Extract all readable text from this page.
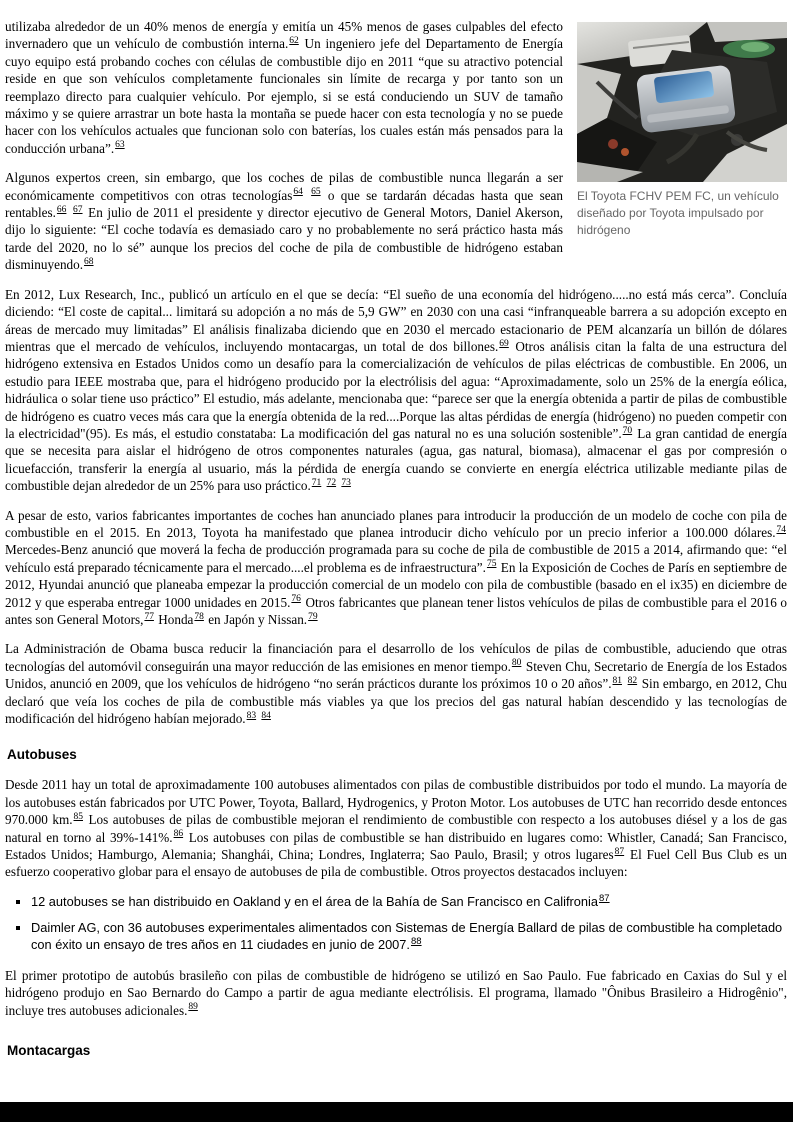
El Toyota FCHV PEM FC, un vehículo diseñado por Toyota impulsado por hidrógeno

utilizaba alrededor de un 40% menos de energía y emitía un 45% menos de gases culpables del efecto invernadero que un vehículo de combustión interna.$^{62}$ Un ingeniero jefe del Departamento de Energía cuyo equipo está probando coches con células de combustible dijo en 2011 “que su atractivo potencial reside en que son vehículos completamente funcionales sin límite de recarga y por tanto son un reemplazo directo para cualquier vehículo. Por ejemplo, si se está conduciendo un SUV de tamaño máximo y se quiere arrastrar un bote hasta la montaña se puede hacer con esta tecnología y no se puede hacer con los vehículos actuales que funcionan solo con baterías, los cuales están más pensados para la conducción urbana”.$^{63}$

Algunos expertos creen, sin embargo, que los coches de pilas de combustible nunca llegarán a ser económicamente competitivos con otras tecnologías$^{64}$ $^{65}$ o que se tardarán décadas hasta que sean rentables.$^{66}$ $^{67}$ En julio de 2011 el presidente y director ejecutivo de General Motors, Daniel Akerson, dijo lo siguiente: “El coche todavía es demasiado caro y no probablemente no será práctico hasta más tarde del 2020, no lo sé” aunque los precios del coche de pila de combustible de hidrógeno estaban disminuyendo.$^{68}$

En 2012, Lux Research, Inc., publicó un artículo en el que se decía: “El sueño de una economía del hidrógeno.....no está más cerca”. Concluía diciendo: “El coste de capital... limitará su adopción a no más de 5,9 GW” en 2030 con una casi “infranqueable barrera a su adopción excepto en áreas de mercado muy limitadas” El análisis finalizaba diciendo que en 2030 el mercado estacionario de PEM alcanzaría un billón de dólares mientras que el mercado de vehículos, incluyendo montacargas, un total de dos billones.$^{69}$ Otros análisis citan la falta de una estructura del hidrógeno extensiva en Estados Unidos como un desafío para la comercialización de vehículos de pilas eléctricas de combustible. En 2006, un estudio para IEEE mostraba que, para el hidrógeno producido por la electrólisis del agua: “Aproximadamente, solo un 25% de la energía eólica, hidráulica o solar tiene uso práctico” El estudio, más adelante, mencionaba que: “parece ser que la energía obtenida a partir de pilas de combustible de hidrógeno es cuatro veces más cara que la energía obtenida de la red....Porque las altas pérdidas de energía (hidrógeno) no pueden competir con la electricidad"(95). Es más, el estudio constataba: La modificación del gas natural no es una solución sostenible”.$^{70}$ La gran cantidad de energía que se necesita para aislar el hidrógeno de otros componentes naturales (agua, gas natural, biomasa), almacenar el gas por compresión o licuefacción, transferir la energía al usuario, más la pérdida de energía cuando se convierte en energía eléctrica utilizable mediante pilas de combustible dejan alrededor de un 25% para uso práctico.$^{71}$ $^{72}$ $^{73}$

A pesar de esto, varios fabricantes importantes de coches han anunciado planes para introducir la producción de un modelo de coche con pila de combustible en el 2015. En 2013, Toyota ha manifestado que planea introducir dicho vehículo por un precio inferior a 100.000 dólares.$^{74}$ Mercedes-Benz anunció que moverá la fecha de producción programada para su coche de pila de combustible de 2015 a 2014, afirmando que: “el vehículo está preparado técnicamente para el mercado....el problema es de infraestructura”.$^{75}$ En la Exposición de Coches de París en septiembre de 2012, Hyundai anunció que planeaba empezar la producción comercial de un modelo con pila de combustible (basado en el ix35) en diciembre de 2012 y que esperaba entregar 1000 unidades en 2015.76 Otros fabricantes que planean tener listos vehículos de pilas de combustible para el 2016 o antes son General Motors,$^{77}$ Honda$^{78}$ en Japón y Nissan.$^{79}$

La Administración de Obama busca reducir la financiación para el desarrollo de los vehículos de pilas de combustible, aduciendo que otras tecnologías del automóvil conseguirán una mayor reducción de las emisiones en menor tiempo.$^{80}$ Steven Chu, Secretario de Energía de los Estados Unidos, anunció en 2009, que los vehículos de hidrógeno “no serán prácticos durante los próximos 10 o 20 años”.$^{81}$ $^{82}$ Sin embargo, en 2012, Chu declaró que veía los coches de pila de combustible más viables ya que los precios del gas natural habían descendido y las tecnologías de modificación del hidrógeno habían mejorado.$^{83}$ $^{84}$

Autobuses

Desde 2011 hay un total de aproximadamente 100 autobuses alimentados con pilas de combustible distribuidos por todo el mundo. La mayoría de los autobuses están fabricados por UTC Power, Toyota, Ballard, Hydrogenics, y Proton Motor. Los autobuses de UTC han recorrido desde entonces 970.000 km.$^{85}$ Los autobuses de pilas de combustible mejoran el rendimiento de combustible con respecto a los autobuses diésel y a los de gas natural en torno al 39%-141%.$^{86}$ Los autobuses con pilas de combustible se han distribuido en lugares como: Whistler, Canadá; San Francisco, Estados Unidos; Hamburgo, Alemania; Shanghái, China; Londres, Inglaterra; Sao Paulo, Brasil; y otros lugares$^{87}$ El Fuel Cell Bus Club es un esfuerzo cooperativo globar para el ensayo de autobuses de pila de combustible. Otros proyectos destacados incluyen:

▪ 12 autobuses se han distribuido en Oakland y en el área de la Bahía de San Francisco en Califronia$^{87}$
▪ Daimler AG, con 36 autobuses experimentales alimentados con Sistemas de Energía Ballard de pilas de combustible ha completado con éxito un ensayo de tres años en 11 ciudades en junio de 2007.88

El primer prototipo de autobús brasileño con pilas de combustible de hidrógeno se utilizó en Sao Paulo. Fue fabricado en Caxias do Sul y el hidrógeno produjo en Sao Bernardo do Campo a partir de agua mediante electrólisis. El programa, llamado "Ônibus Brasileiro a Hidrogênio", incluye tres autobuses adicionales.$^{89}$

Montacargas
